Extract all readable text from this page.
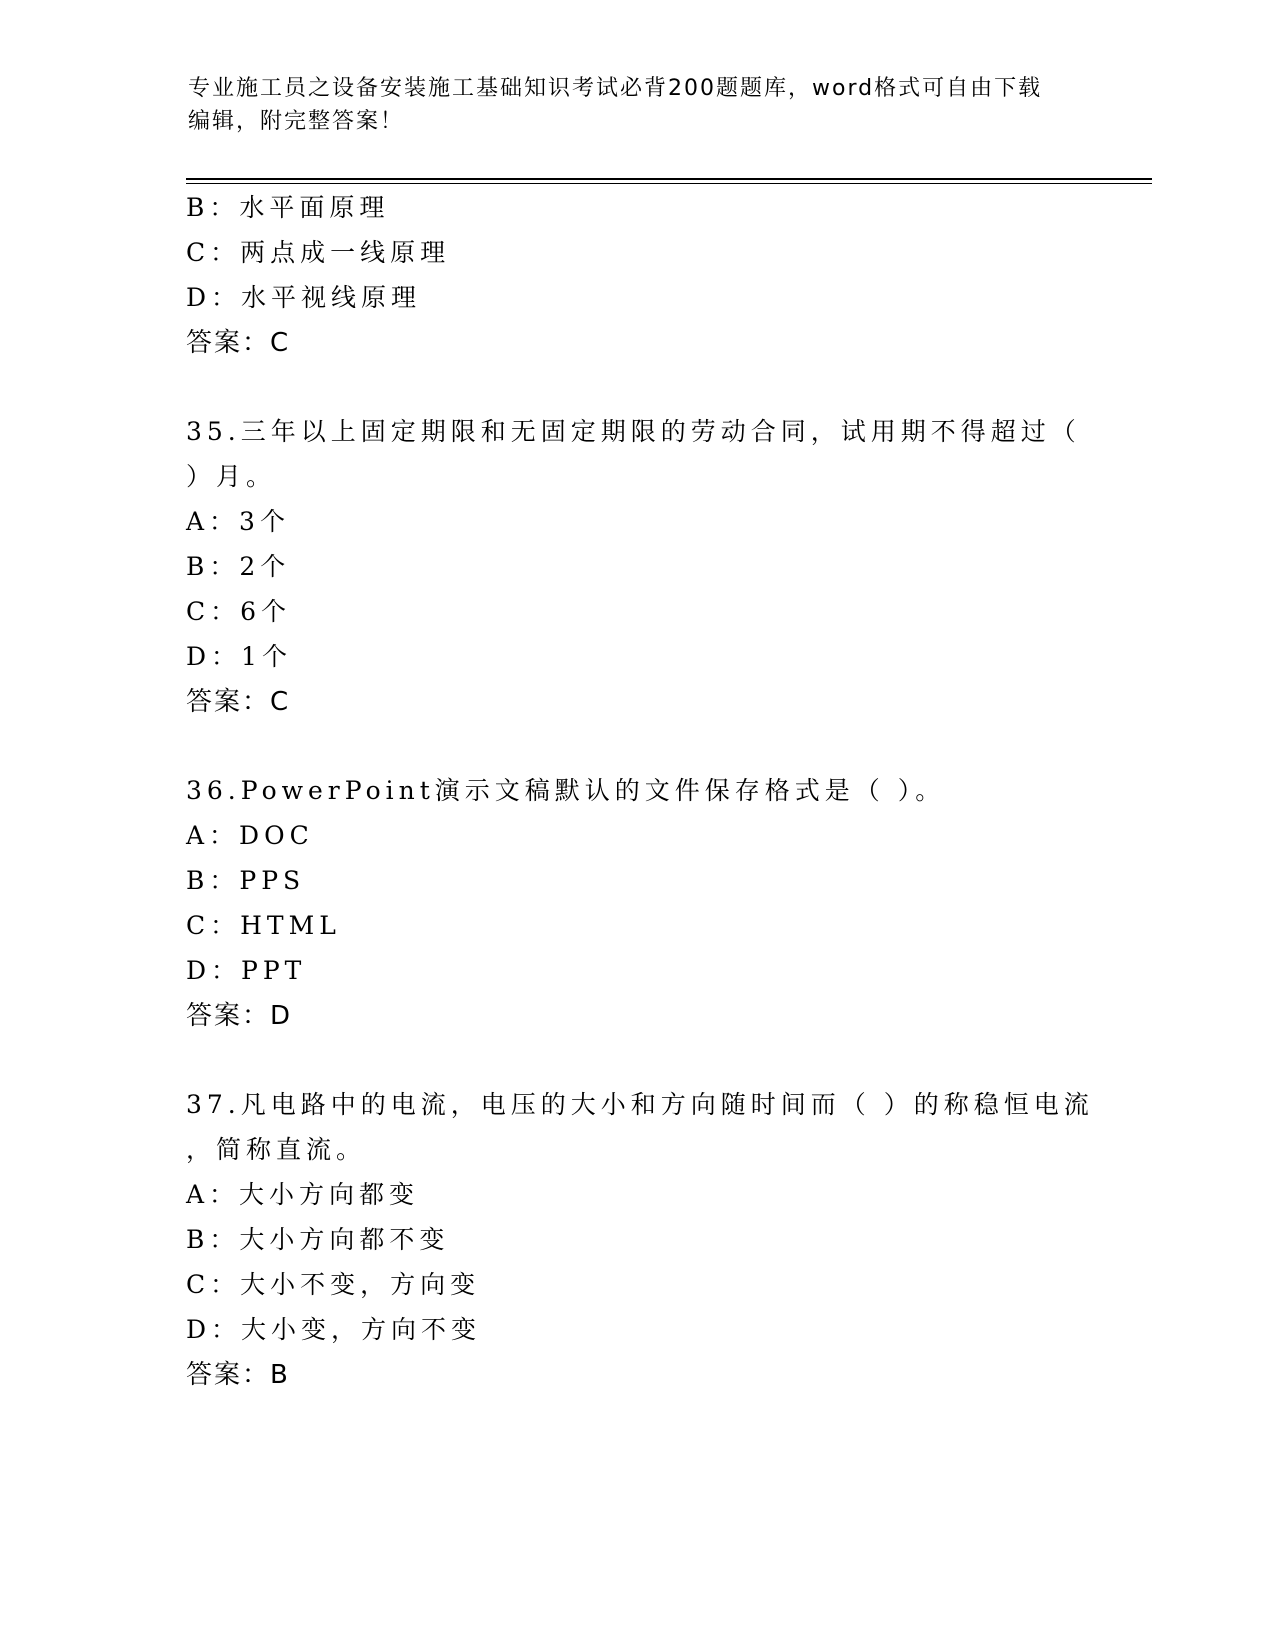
专业施工员之设备安装施工基础知识考试必背200题题库，word格式可自由下载
编辑，附完整答案！
B：水平面原理
C：两点成一线原理
D：水平视线原理
答案：C
35.三年以上固定期限和无固定期限的劳动合同，试用期不得超过（
）月。
A：3个
B：2个
C：6个
D：1个
答案：C
36.PowerPoint演示文稿默认的文件保存格式是（ ）。
A：DOC
B：PPS
C：HTML
D：PPT
答案：D
37.凡电路中的电流，电压的大小和方向随时间而（ ）的称稳恒电流
，简称直流。
A：大小方向都变
B：大小方向都不变
C：大小不变，方向变
D：大小变，方向不变
答案：B
